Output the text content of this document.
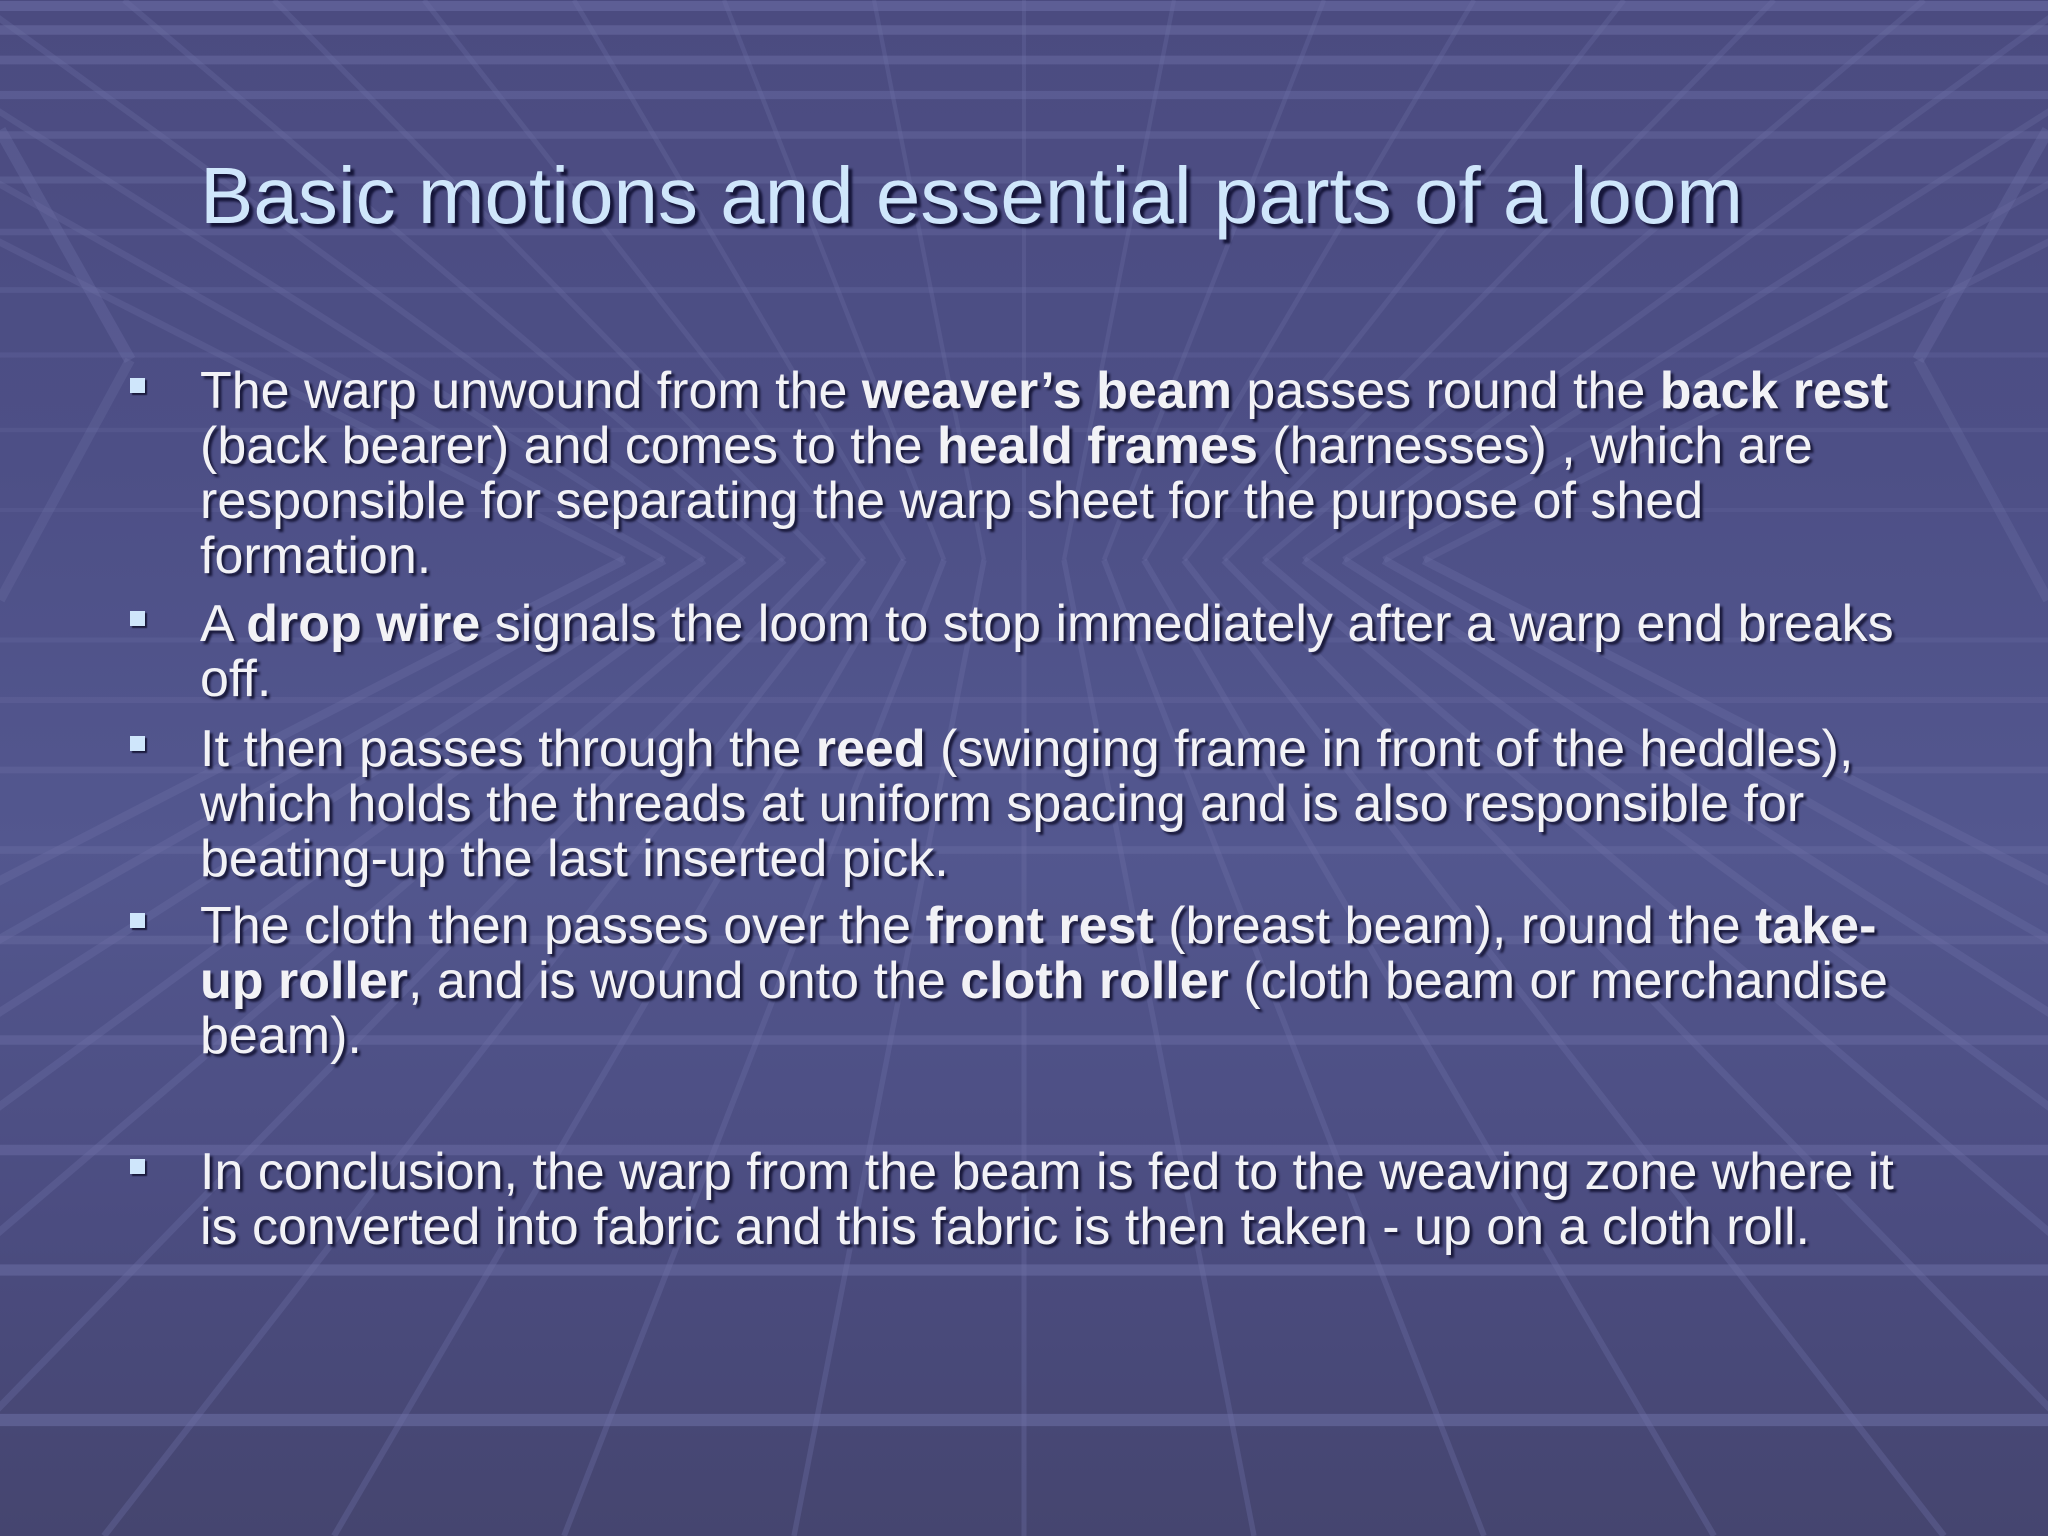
Basic motions and essential parts of a loom
The warp unwound from the weaver’s beam passes round the back rest (back bearer) and comes to the heald frames (harnesses) , which are responsible for separating the warp sheet for the purpose of shed formation.
A drop wire signals the loom to stop immediately after a warp end breaks off.
It then passes through the reed (swinging frame in front of the heddles), which holds the threads at uniform spacing and is also responsible for beating-up the last inserted pick.
The cloth then passes over the front rest (breast beam), round the take-up roller, and is wound onto the cloth roller (cloth beam or merchandise beam).
In conclusion, the warp from the beam is fed to the weaving zone where it is converted into fabric and this fabric is then taken - up on a cloth roll.
